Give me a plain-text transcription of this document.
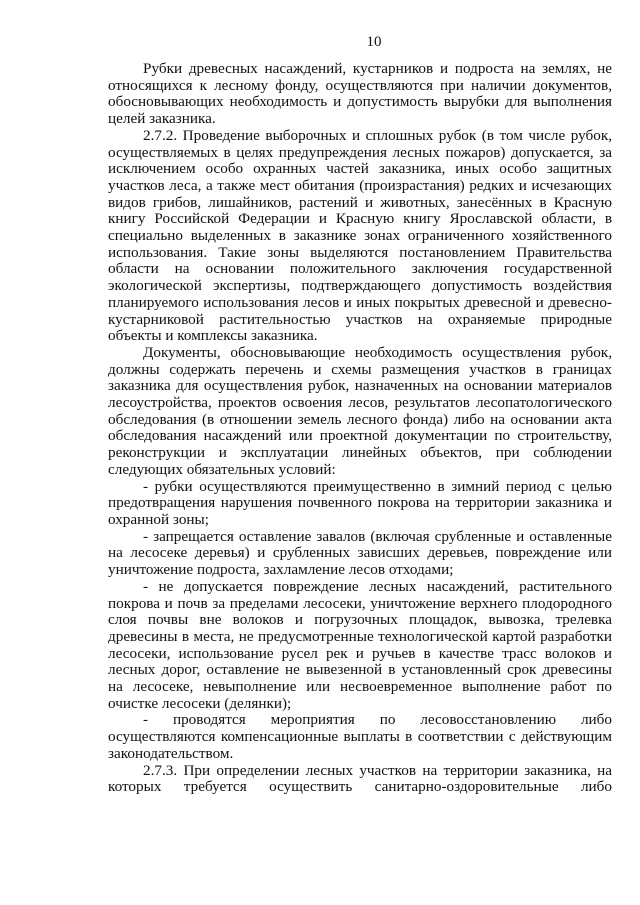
10

Рубки древесных насаждений, кустарников и подроста на землях, не относящихся к лесному фонду, осуществляются при наличии документов, обосновывающих необходимость и допустимость вырубки для выполнения целей заказника.

2.7.2. Проведение выборочных и сплошных рубок (в том числе рубок, осуществляемых в целях предупреждения лесных пожаров) допускается, за исключением особо охранных частей заказника, иных особо защитных участков леса, а также мест обитания (произрастания) редких и исчезающих видов грибов, лишайников, растений и животных, занесённых в Красную книгу Российской Федерации и Красную книгу Ярославской области, в специально выделенных в заказнике зонах ограниченного хозяйственного использования. Такие зоны выделяются постановлением Правительства области на основании положительного заключения государственной экологической экспертизы, подтверждающего допустимость воздействия планируемого использования лесов и иных покрытых древесной и древесно-кустарниковой растительностью участков на охраняемые природные объекты и комплексы заказника.

Документы, обосновывающие необходимость осуществления рубок, должны содержать перечень и схемы размещения участков в границах заказника для осуществления рубок, назначенных на основании материалов лесоустройства, проектов освоения лесов, результатов лесопатологического обследования (в отношении земель лесного фонда) либо на основании акта обследования насаждений или проектной документации по строительству, реконструкции и эксплуатации линейных объектов, при соблюдении следующих обязательных условий:

- рубки осуществляются преимущественно в зимний период с целью предотвращения нарушения почвенного покрова на территории заказника и охранной зоны;

- запрещается оставление завалов (включая срубленные и оставленные на лесосеке деревья) и срубленных зависших деревьев, повреждение или уничтожение подроста, захламление лесов отходами;

- не допускается повреждение лесных насаждений, растительного покрова и почв за пределами лесосеки, уничтожение верхнего плодородного слоя почвы вне волоков и погрузочных площадок, вывозка, трелевка древесины в места, не предусмотренные технологической картой разработки лесосеки, использование русел рек и ручьев в качестве трасс волоков и лесных дорог, оставление не вывезенной в установленный срок древесины на лесосеке, невыполнение или несвоевременное выполнение работ по очистке лесосеки (делянки);

- проводятся мероприятия по лесовосстановлению либо осуществляются компенсационные выплаты в соответствии с действующим законодательством.

2.7.3. При определении лесных участков на территории заказника, на которых требуется осуществить санитарно-оздоровительные либо
